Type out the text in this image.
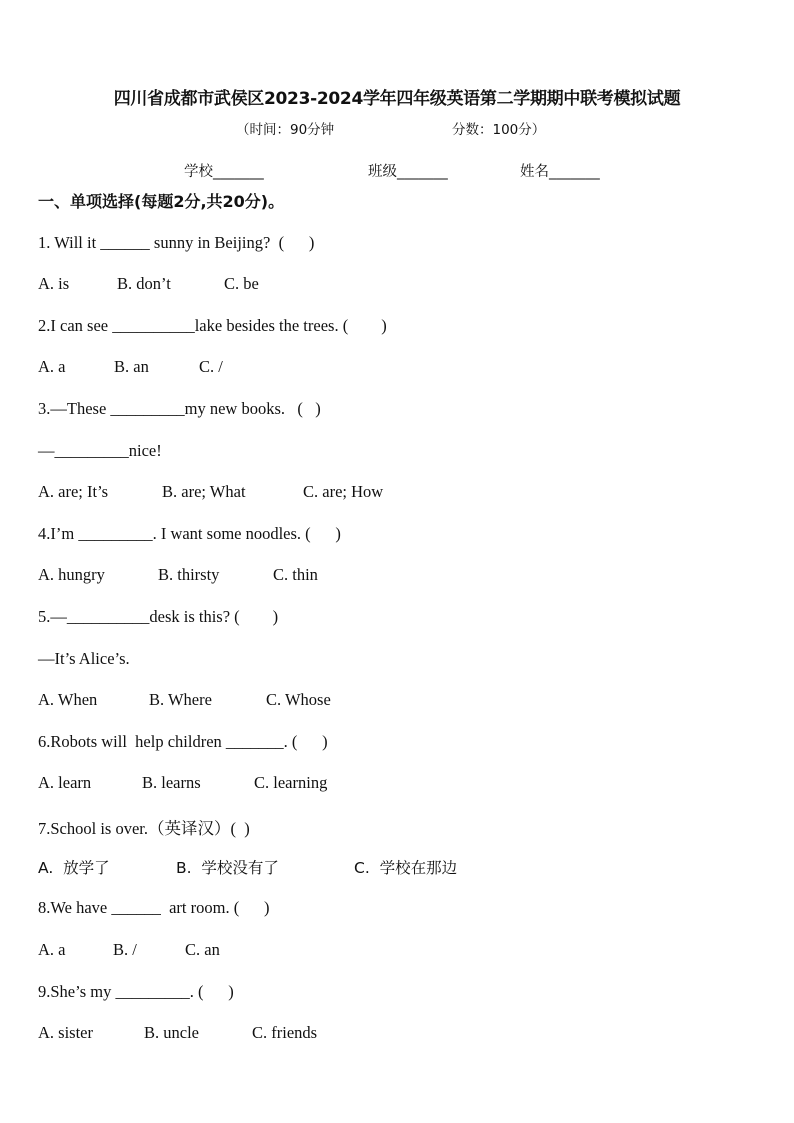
四川省成都市武侯区2023-2024学年四年级英语第二学期期中联考模拟试题
（时间：90分钟	分数：100分）
学校_______	班级_______	姓名_______
一、单项选择(每题2分,共20分)。
1. Will it ______ sunny in Beijing?  (      )
A. is	B. don’t	C. be
2.I can see __________lake besides the trees. (        )
A. a	B. an	C. /
3.—These _________my new books.   (   )
—_________nice!
A. are; It’s	B. are; What	C. are; How
4.I’m _________. I want some noodles. (      )
A. hungry	B. thirsty	C. thin
5.—__________desk is this? (        )
—It’s Alice’s.
A. When	B. Where	C. Whose
6.Robots will  help children _______. (      )
A. learn	B. learns	C. learning
7.School is over.（英译汉）(  )
A.  放学了	B.  学校没有了	C.  学校在那边
8.We have ______  art room. (      )
A. a	B. /	C. an
9.She’s my _________. (      )
A. sister	B. uncle	C. friends
